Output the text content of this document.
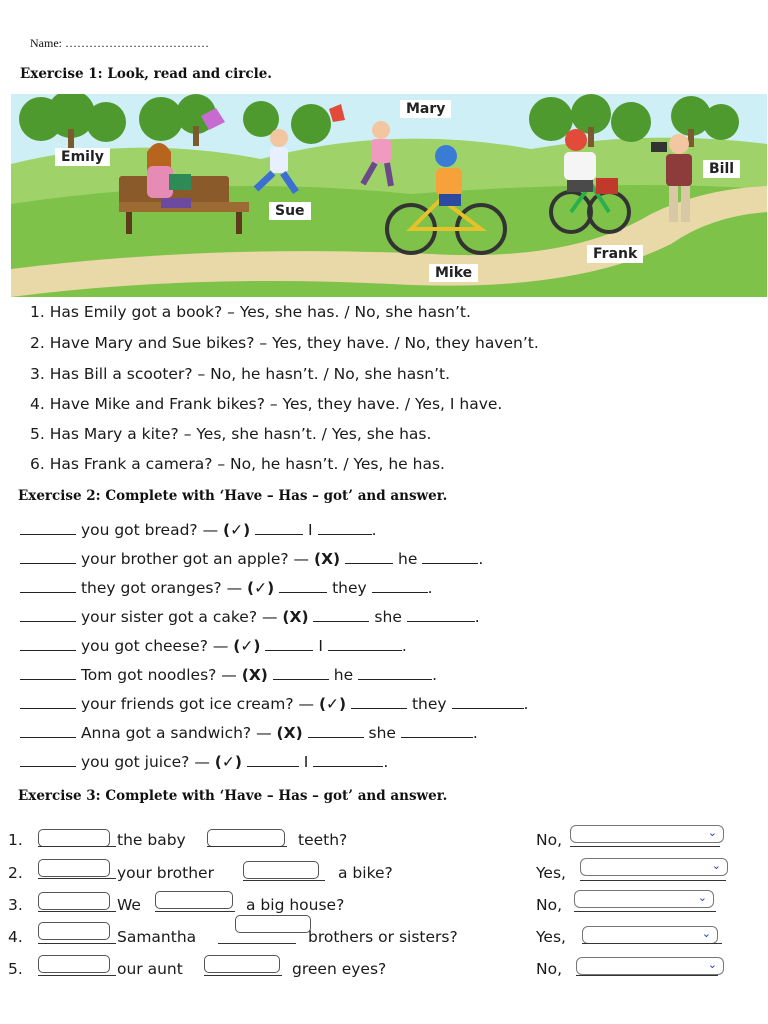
Name: ………………………………
Exercise 1: Look, read and circle.
Mary
Emily
Bill
Sue
Frank
Mike
1. Has Emily got a book? – Yes, she has. / No, she hasn’t.
2. Have Mary and Sue bikes? – Yes, they have. / No, they haven’t.
3. Has Bill a scooter? – No, he hasn’t. / No, she hasn’t.
4. Have Mike and Frank bikes? – Yes, they have. / Yes, I have.
5. Has Mary a kite? – Yes, she hasn’t. / Yes, she has.
6. Has Frank a camera? – No, he hasn’t. / Yes, he has.
Exercise 2: Complete with ‘Have – Has – got’ and answer.
you got bread? — (✓)	I	.
your brother got an apple? — (X)	he	.
they got oranges? — (✓)	they	.
your sister got a cake? — (X)	she	.
you got cheese? — (✓)	I	.
Tom got noodles? — (X)	he	.
your friends got ice cream? — (✓)	they	.
Anna got a sandwich? — (X)	she	.
you got juice? — (✓)	I	.
Exercise 3: Complete with ‘Have – Has – got’ and answer.
1.	the baby	teeth?	No,	⌄
2.	your brother	a bike?	Yes,	⌄
3.	We	a big house?	No,	⌄
4.	Samantha	brothers or sisters?	Yes,	⌄
5.	our aunt	green eyes?	No,	⌄
